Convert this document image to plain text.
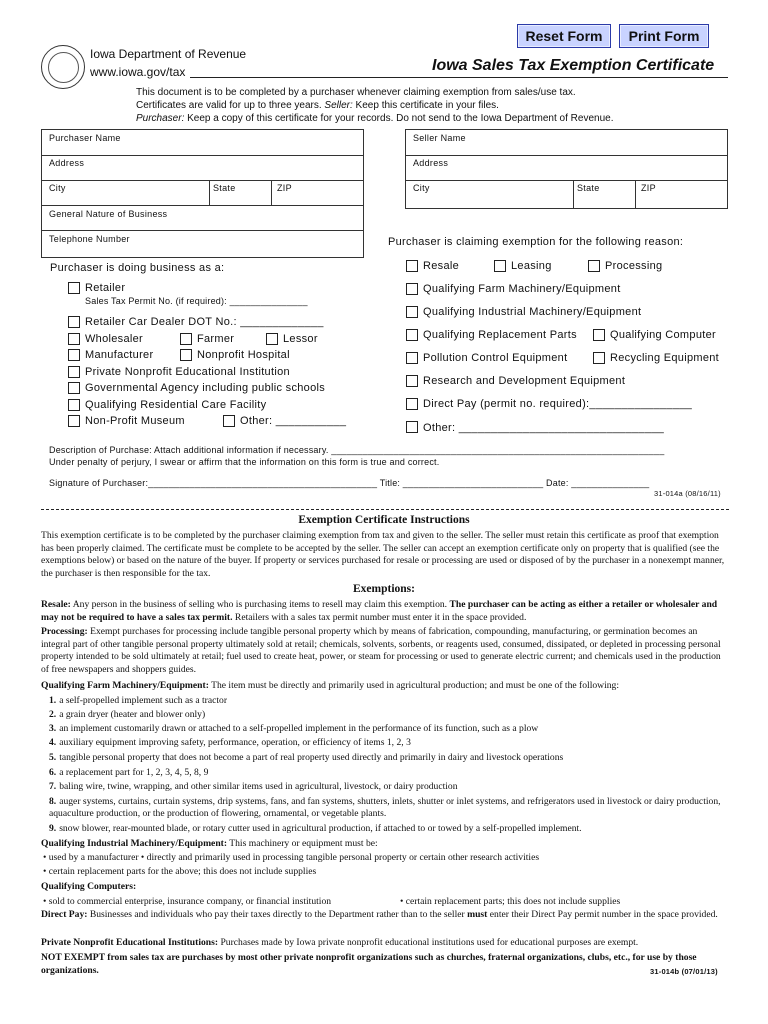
Reset Form	Print Form
Iowa Department of Revenue
www.iowa.gov/tax	Iowa Sales Tax Exemption Certificate
This document is to be completed by a purchaser whenever claiming exemption from sales/use tax.
Certificates are valid for up to three years. Seller: Keep this certificate in your files.
Purchaser: Keep a copy of this certificate for your records. Do not send to the Iowa Department of Revenue.
Purchaser Name
Address
City	State	ZIP
General Nature of Business
Telephone Number
Seller Name
Address
City	State	ZIP
Purchaser is doing business as a:
Retailer
Sales Tax Permit No. (if required): _______________
Retailer Car Dealer DOT No.: _____________
Wholesaler	Farmer	Lessor
Manufacturer	Nonprofit Hospital
Private Nonprofit Educational Institution
Governmental Agency including public schools
Qualifying Residential Care Facility
Non-Profit Museum	Other: ___________
Purchaser is claiming exemption for the following reason:
Resale	Leasing	Processing
Qualifying Farm Machinery/Equipment
Qualifying Industrial Machinery/Equipment
Qualifying Replacement Parts	Qualifying Computer
Pollution Control Equipment	Recycling Equipment
Research and Development Equipment
Direct Pay (permit no. required):________________
Other: ________________________________
Description of Purchase: Attach additional information if necessary. ________________________________________________________________
Under penalty of perjury, I swear or affirm that the information on this form is true and correct.
Signature of Purchaser:____________________________________________ Title: ___________________________ Date: _______________
31-014a (08/16/11)
Exemption Certificate Instructions
This exemption certificate is to be completed by the purchaser claiming exemption from tax and given to the seller. The seller must retain this certificate as proof that exemption has been properly claimed. The certificate must be complete to be accepted by the seller. The seller can accept an exemption certificate only on property that is qualified (see the exemptions below) or based on the nature of the buyer. If property or services purchased for resale or processing are used or disposed of by the purchaser in a nonexempt manner, the purchaser is then responsible for the tax.
Exemptions:
Resale: Any person in the business of selling who is purchasing items to resell may claim this exemption. The purchaser can be acting as either a retailer or wholesaler and may not be required to have a sales tax permit. Retailers with a sales tax permit number must enter it in the space provided.
Processing: Exempt purchases for processing include tangible personal property which by means of fabrication, compounding, manufacturing, or germination becomes an integral part of other tangible personal property ultimately sold at retail; chemicals, solvents, sorbents, or reagents used, consumed, dissipated, or depleted in processing personal property intended to be sold ultimately at retail; fuel used to create heat, power, or steam for processing or used to generate electric current; and chemicals used in the production of free newspapers and shoppers guides.
Qualifying Farm Machinery/Equipment: The item must be directly and primarily used in agricultural production; and must be one of the following:
1. a self-propelled implement such as a tractor
2. a grain dryer (heater and blower only)
3. an implement customarily drawn or attached to a self-propelled implement in the performance of its function, such as a plow
4. auxiliary equipment improving safety, performance, operation, or efficiency of items 1, 2, 3
5. tangible personal property that does not become a part of real property used directly and primarily in dairy and livestock operations
6. a replacement part for 1, 2, 3, 4, 5, 8, 9
7. baling wire, twine, wrapping, and other similar items used in agricultural, livestock, or dairy production
8. auger systems, curtains, curtain systems, drip systems, fans, and fan systems, shutters, inlets, shutter or inlet systems, and refrigerators used in livestock or dairy production, aquaculture production, or the production of flowering, ornamental, or vegetable plants.
9. snow blower, rear-mounted blade, or rotary cutter used in agricultural production, if attached to or towed by a self-propelled implement.
Qualifying Industrial Machinery/Equipment: This machinery or equipment must be:
• used by a manufacturer • directly and primarily used in processing tangible personal property or certain other research activities
• certain replacement parts for the above; this does not include supplies
Qualifying Computers:
• sold to commercial enterprise, insurance company, or financial institution	• certain replacement parts; this does not include supplies
Direct Pay: Businesses and individuals who pay their taxes directly to the Department rather than to the seller must enter their Direct Pay permit number in the space provided.
Private Nonprofit Educational Institutions: Purchases made by Iowa private nonprofit educational institutions used for educational purposes are exempt.
NOT EXEMPT from sales tax are purchases by most other private nonprofit organizations such as churches, fraternal organizations, clubs, etc., for use by those organizations.	31-014b (07/01/13)
